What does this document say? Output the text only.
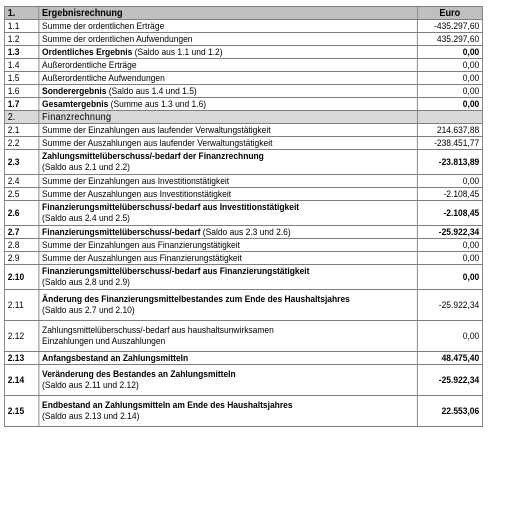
1.	Ergebnisrechnung	Euro
1.1	Summe der ordentlichen Erträge	-435.297,60
1.2	Summe der ordentlichen Aufwendungen	435.297,60
1.3	Ordentliches Ergebnis (Saldo aus 1.1 und 1.2)	0,00
1.4	Außerordentliche Erträge	0,00
1.5	Außerordentliche Aufwendungen	0,00
1.6	Sonderergebnis (Saldo aus 1.4 und 1.5)	0,00
1.7	Gesamtergebnis (Summe aus 1.3 und 1.6)	0,00
2.	Finanzrechnung	
2.1	Summe der Einzahlungen aus laufender Verwaltungstätigkeit	214.637,88
2.2	Summe der Auszahlungen aus laufender Verwaltungstätigkeit	-238.451,77
2.3	Zahlungsmittelüberschuss/-bedarf der Finanzrechnung
(Saldo aus 2.1 und 2.2)	-23.813,89
2.4	Summe der Einzahlungen aus Investitionstätigkeit	0,00
2.5	Summe der Auszahlungen aus Investitionstätigkeit	-2.108,45
2.6	Finanzierungsmittelüberschuss/-bedarf aus Investitionstätigkeit
(Saldo aus 2.4 und 2.5)	-2.108,45
2.7	Finanzierungsmittelüberschuss/-bedarf (Saldo aus 2.3 und 2.6)	-25.922,34
2.8	Summe der Einzahlungen aus Finanzierungstätigkeit	0,00
2.9	Summe der Auszahlungen aus Finanzierungstätigkeit	0,00
2.10	Finanzierungsmittelüberschuss/-bedarf aus Finanzierungstätigkeit
(Saldo aus 2.8 und 2.9)	0,00
2.11	Änderung des Finanzierungsmittelbestandes zum Ende des Haushaltsjahres
(Saldo aus 2.7 und 2.10)	-25.922,34
2.12	Zahlungsmittelüberschuss/-bedarf aus haushaltsunwirksamen
Einzahlungen und Auszahlungen	0,00
2.13	Anfangsbestand an Zahlungsmitteln	48.475,40
2.14	Veränderung des Bestandes an Zahlungsmitteln
(Saldo aus 2.11 und 2.12)	-25.922,34
2.15	Endbestand an Zahlungsmitteln am Ende des Haushaltsjahres
(Saldo aus 2.13 und 2.14)	22.553,06
